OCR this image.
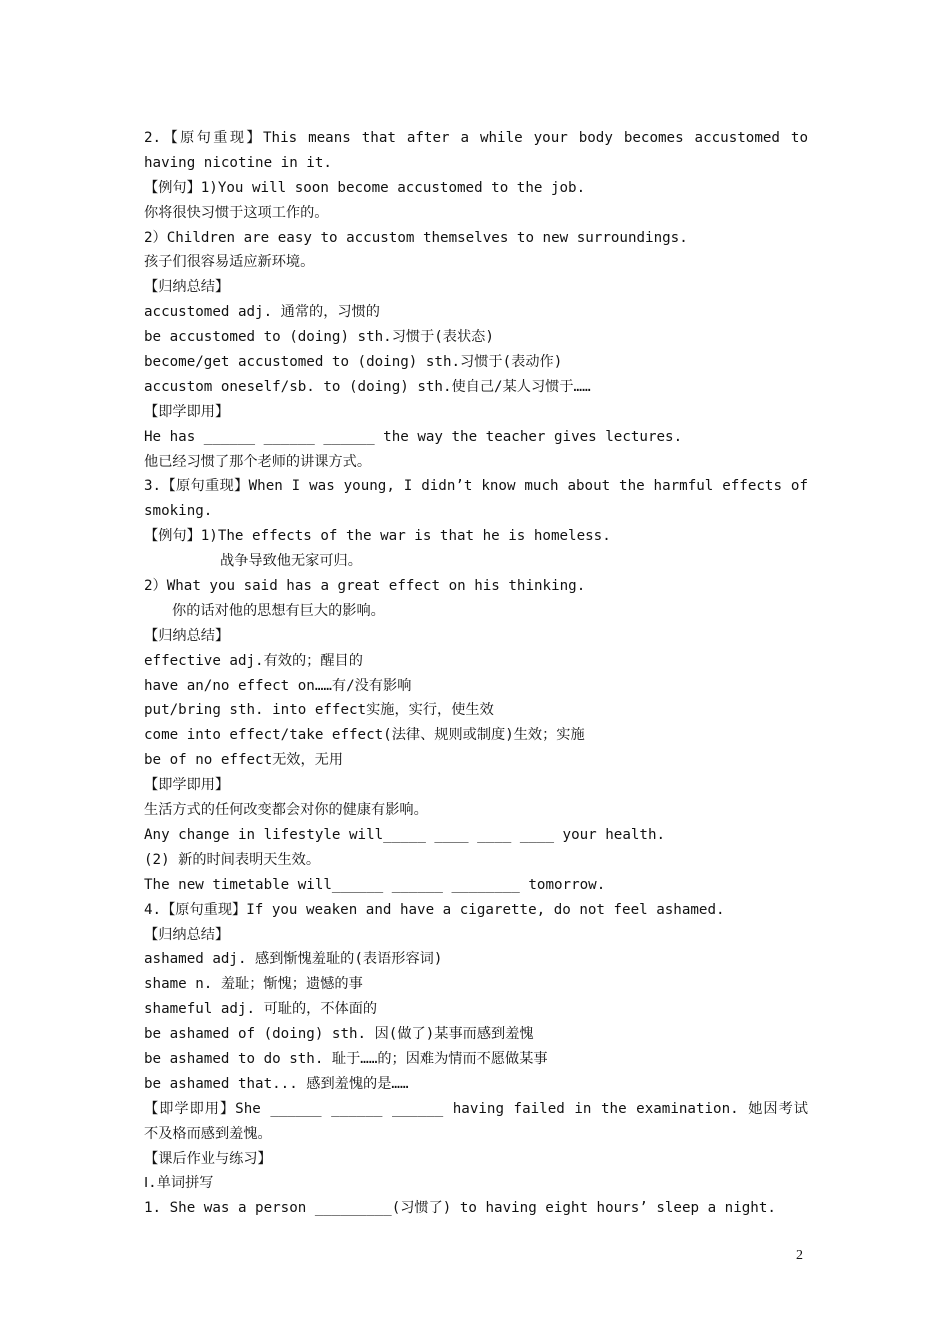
2.【原句重现】This means that after a while your body becomes accustomed to
having nicotine in it.
【例句】1)You will soon become accustomed to the job.
你将很快习惯于这项工作的。
2）Children are easy to accustom themselves to new surroundings.
孩子们很容易适应新环境。
【归纳总结】
accustomed adj. 通常的，习惯的
be accustomed to (doing) sth.习惯于(表状态)
become/get accustomed to (doing) sth.习惯于(表动作)
accustom oneself/sb. to (doing) sth.使自己/某人习惯于……
【即学即用】
He has ______ ______ ______ the way the teacher gives lectures.
他已经习惯了那个老师的讲课方式。
3.【原句重现】When I was young, I didn’t know much about the harmful effects of
smoking.
【例句】1)The effects of the war is that he is homeless.
战争导致他无家可归。
2）What you said has a great effect on his thinking.
你的话对他的思想有巨大的影响。
【归纳总结】
effective adj.有效的；醒目的
have an/no effect on……有/没有影响
put/bring sth. into effect实施，实行，使生效
come into effect/take effect(法律、规则或制度)生效；实施
be of no effect无效，无用
【即学即用】
生活方式的任何改变都会对你的健康有影响。
Any change in lifestyle will_____ ____ ____ ____ your health.
(2) 新的时间表明天生效。
The new timetable will______ ______ ________ tomorrow.
4.【原句重现】If you weaken and have a cigarette, do not feel ashamed.
【归纳总结】
ashamed adj. 感到惭愧羞耻的(表语形容词)
shame n. 羞耻；惭愧；遗憾的事
shameful adj. 可耻的，不体面的
be ashamed of (doing) sth. 因(做了)某事而感到羞愧
be ashamed to do sth. 耻于……的；因难为情而不愿做某事
be ashamed that... 感到羞愧的是……
【即学即用】She ______ ______ ______ having failed in the examination. 她因考试
不及格而感到羞愧。
【课后作业与练习】
Ⅰ.单词拼写
1. She was a person _________(习惯了) to having eight hours’ sleep a night.
2
